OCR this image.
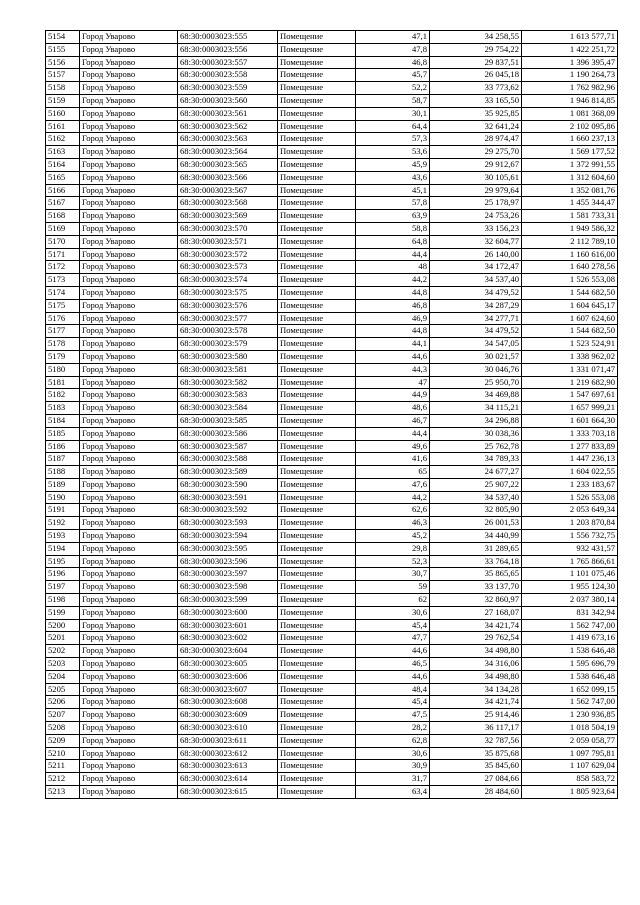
5154	Город Уварово	68:30:0003023:555	Помещение	47,1	34 258,55	1 613 577,71
5155	Город Уварово	68:30:0003023:556	Помещение	47,8	29 754,22	1 422 251,72
5156	Город Уварово	68:30:0003023:557	Помещение	46,8	29 837,51	1 396 395,47
5157	Город Уварово	68:30:0003023:558	Помещение	45,7	26 045,18	1 190 264,73
5158	Город Уварово	68:30:0003023:559	Помещение	52,2	33 773,62	1 762 982,96
5159	Город Уварово	68:30:0003023:560	Помещение	58,7	33 165,50	1 946 814,85
5160	Город Уварово	68:30:0003023:561	Помещение	30,1	35 925,85	1 081 368,09
5161	Город Уварово	68:30:0003023:562	Помещение	64,4	32 641,24	2 102 095,86
5162	Город Уварово	68:30:0003023:563	Помещение	57,3	28 974,47	1 660 237,13
5163	Город Уварово	68:30:0003023:564	Помещение	53,6	29 275,70	1 569 177,52
5164	Город Уварово	68:30:0003023:565	Помещение	45,9	29 912,67	1 372 991,55
5165	Город Уварово	68:30:0003023:566	Помещение	43,6	30 105,61	1 312 604,60
5166	Город Уварово	68:30:0003023:567	Помещение	45,1	29 979,64	1 352 081,76
5167	Город Уварово	68:30:0003023:568	Помещение	57,8	25 178,97	1 455 344,47
5168	Город Уварово	68:30:0003023:569	Помещение	63,9	24 753,26	1 581 733,31
5169	Город Уварово	68:30:0003023:570	Помещение	58,8	33 156,23	1 949 586,32
5170	Город Уварово	68:30:0003023:571	Помещение	64,8	32 604,77	2 112 789,10
5171	Город Уварово	68:30:0003023:572	Помещение	44,4	26 140,00	1 160 616,00
5172	Город Уварово	68:30:0003023:573	Помещение	48	34 172,47	1 640 278,56
5173	Город Уварово	68:30:0003023:574	Помещение	44,2	34 537,40	1 526 553,08
5174	Город Уварово	68:30:0003023:575	Помещение	44,8	34 479,52	1 544 682,50
5175	Город Уварово	68:30:0003023:576	Помещение	46,8	34 287,29	1 604 645,17
5176	Город Уварово	68:30:0003023:577	Помещение	46,9	34 277,71	1 607 624,60
5177	Город Уварово	68:30:0003023:578	Помещение	44,8	34 479,52	1 544 682,50
5178	Город Уварово	68:30:0003023:579	Помещение	44,1	34 547,05	1 523 524,91
5179	Город Уварово	68:30:0003023:580	Помещение	44,6	30 021,57	1 338 962,02
5180	Город Уварово	68:30:0003023:581	Помещение	44,3	30 046,76	1 331 071,47
5181	Город Уварово	68:30:0003023:582	Помещение	47	25 950,70	1 219 682,90
5182	Город Уварово	68:30:0003023:583	Помещение	44,9	34 469,88	1 547 697,61
5183	Город Уварово	68:30:0003023:584	Помещение	48,6	34 115,21	1 657 999,21
5184	Город Уварово	68:30:0003023:585	Помещение	46,7	34 296,88	1 601 664,30
5185	Город Уварово	68:30:0003023:586	Помещение	44,4	30 038,36	1 333 703,18
5186	Город Уварово	68:30:0003023:587	Помещение	49,6	25 762,78	1 277 833,89
5187	Город Уварово	68:30:0003023:588	Помещение	41,6	34 789,33	1 447 236,13
5188	Город Уварово	68:30:0003023:589	Помещение	65	24 677,27	1 604 022,55
5189	Город Уварово	68:30:0003023:590	Помещение	47,6	25 907,22	1 233 183,67
5190	Город Уварово	68:30:0003023:591	Помещение	44,2	34 537,40	1 526 553,08
5191	Город Уварово	68:30:0003023:592	Помещение	62,6	32 805,90	2 053 649,34
5192	Город Уварово	68:30:0003023:593	Помещение	46,3	26 001,53	1 203 870,84
5193	Город Уварово	68:30:0003023:594	Помещение	45,2	34 440,99	1 556 732,75
5194	Город Уварово	68:30:0003023:595	Помещение	29,8	31 289,65	932 431,57
5195	Город Уварово	68:30:0003023:596	Помещение	52,3	33 764,18	1 765 866,61
5196	Город Уварово	68:30:0003023:597	Помещение	30,7	35 865,65	1 101 075,46
5197	Город Уварово	68:30:0003023:598	Помещение	59	33 137,70	1 955 124,30
5198	Город Уварово	68:30:0003023:599	Помещение	62	32 860,97	2 037 380,14
5199	Город Уварово	68:30:0003023:600	Помещение	30,6	27 168,07	831 342,94
5200	Город Уварово	68:30:0003023:601	Помещение	45,4	34 421,74	1 562 747,00
5201	Город Уварово	68:30:0003023:602	Помещение	47,7	29 762,54	1 419 673,16
5202	Город Уварово	68:30:0003023:604	Помещение	44,6	34 498,80	1 538 646,48
5203	Город Уварово	68:30:0003023:605	Помещение	46,5	34 316,06	1 595 696,79
5204	Город Уварово	68:30:0003023:606	Помещение	44,6	34 498,80	1 538 646,48
5205	Город Уварово	68:30:0003023:607	Помещение	48,4	34 134,28	1 652 099,15
5206	Город Уварово	68:30:0003023:608	Помещение	45,4	34 421,74	1 562 747,00
5207	Город Уварово	68:30:0003023:609	Помещение	47,5	25 914,46	1 230 936,85
5208	Город Уварово	68:30:0003023:610	Помещение	28,2	36 117,17	1 018 504,19
5209	Город Уварово	68:30:0003023:611	Помещение	62,8	32 787,56	2 059 058,77
5210	Город Уварово	68:30:0003023:612	Помещение	30,6	35 875,68	1 097 795,81
5211	Город Уварово	68:30:0003023:613	Помещение	30,9	35 845,60	1 107 629,04
5212	Город Уварово	68:30:0003023:614	Помещение	31,7	27 084,66	858 583,72
5213	Город Уварово	68:30:0003023:615	Помещение	63,4	28 484,60	1 805 923,64
